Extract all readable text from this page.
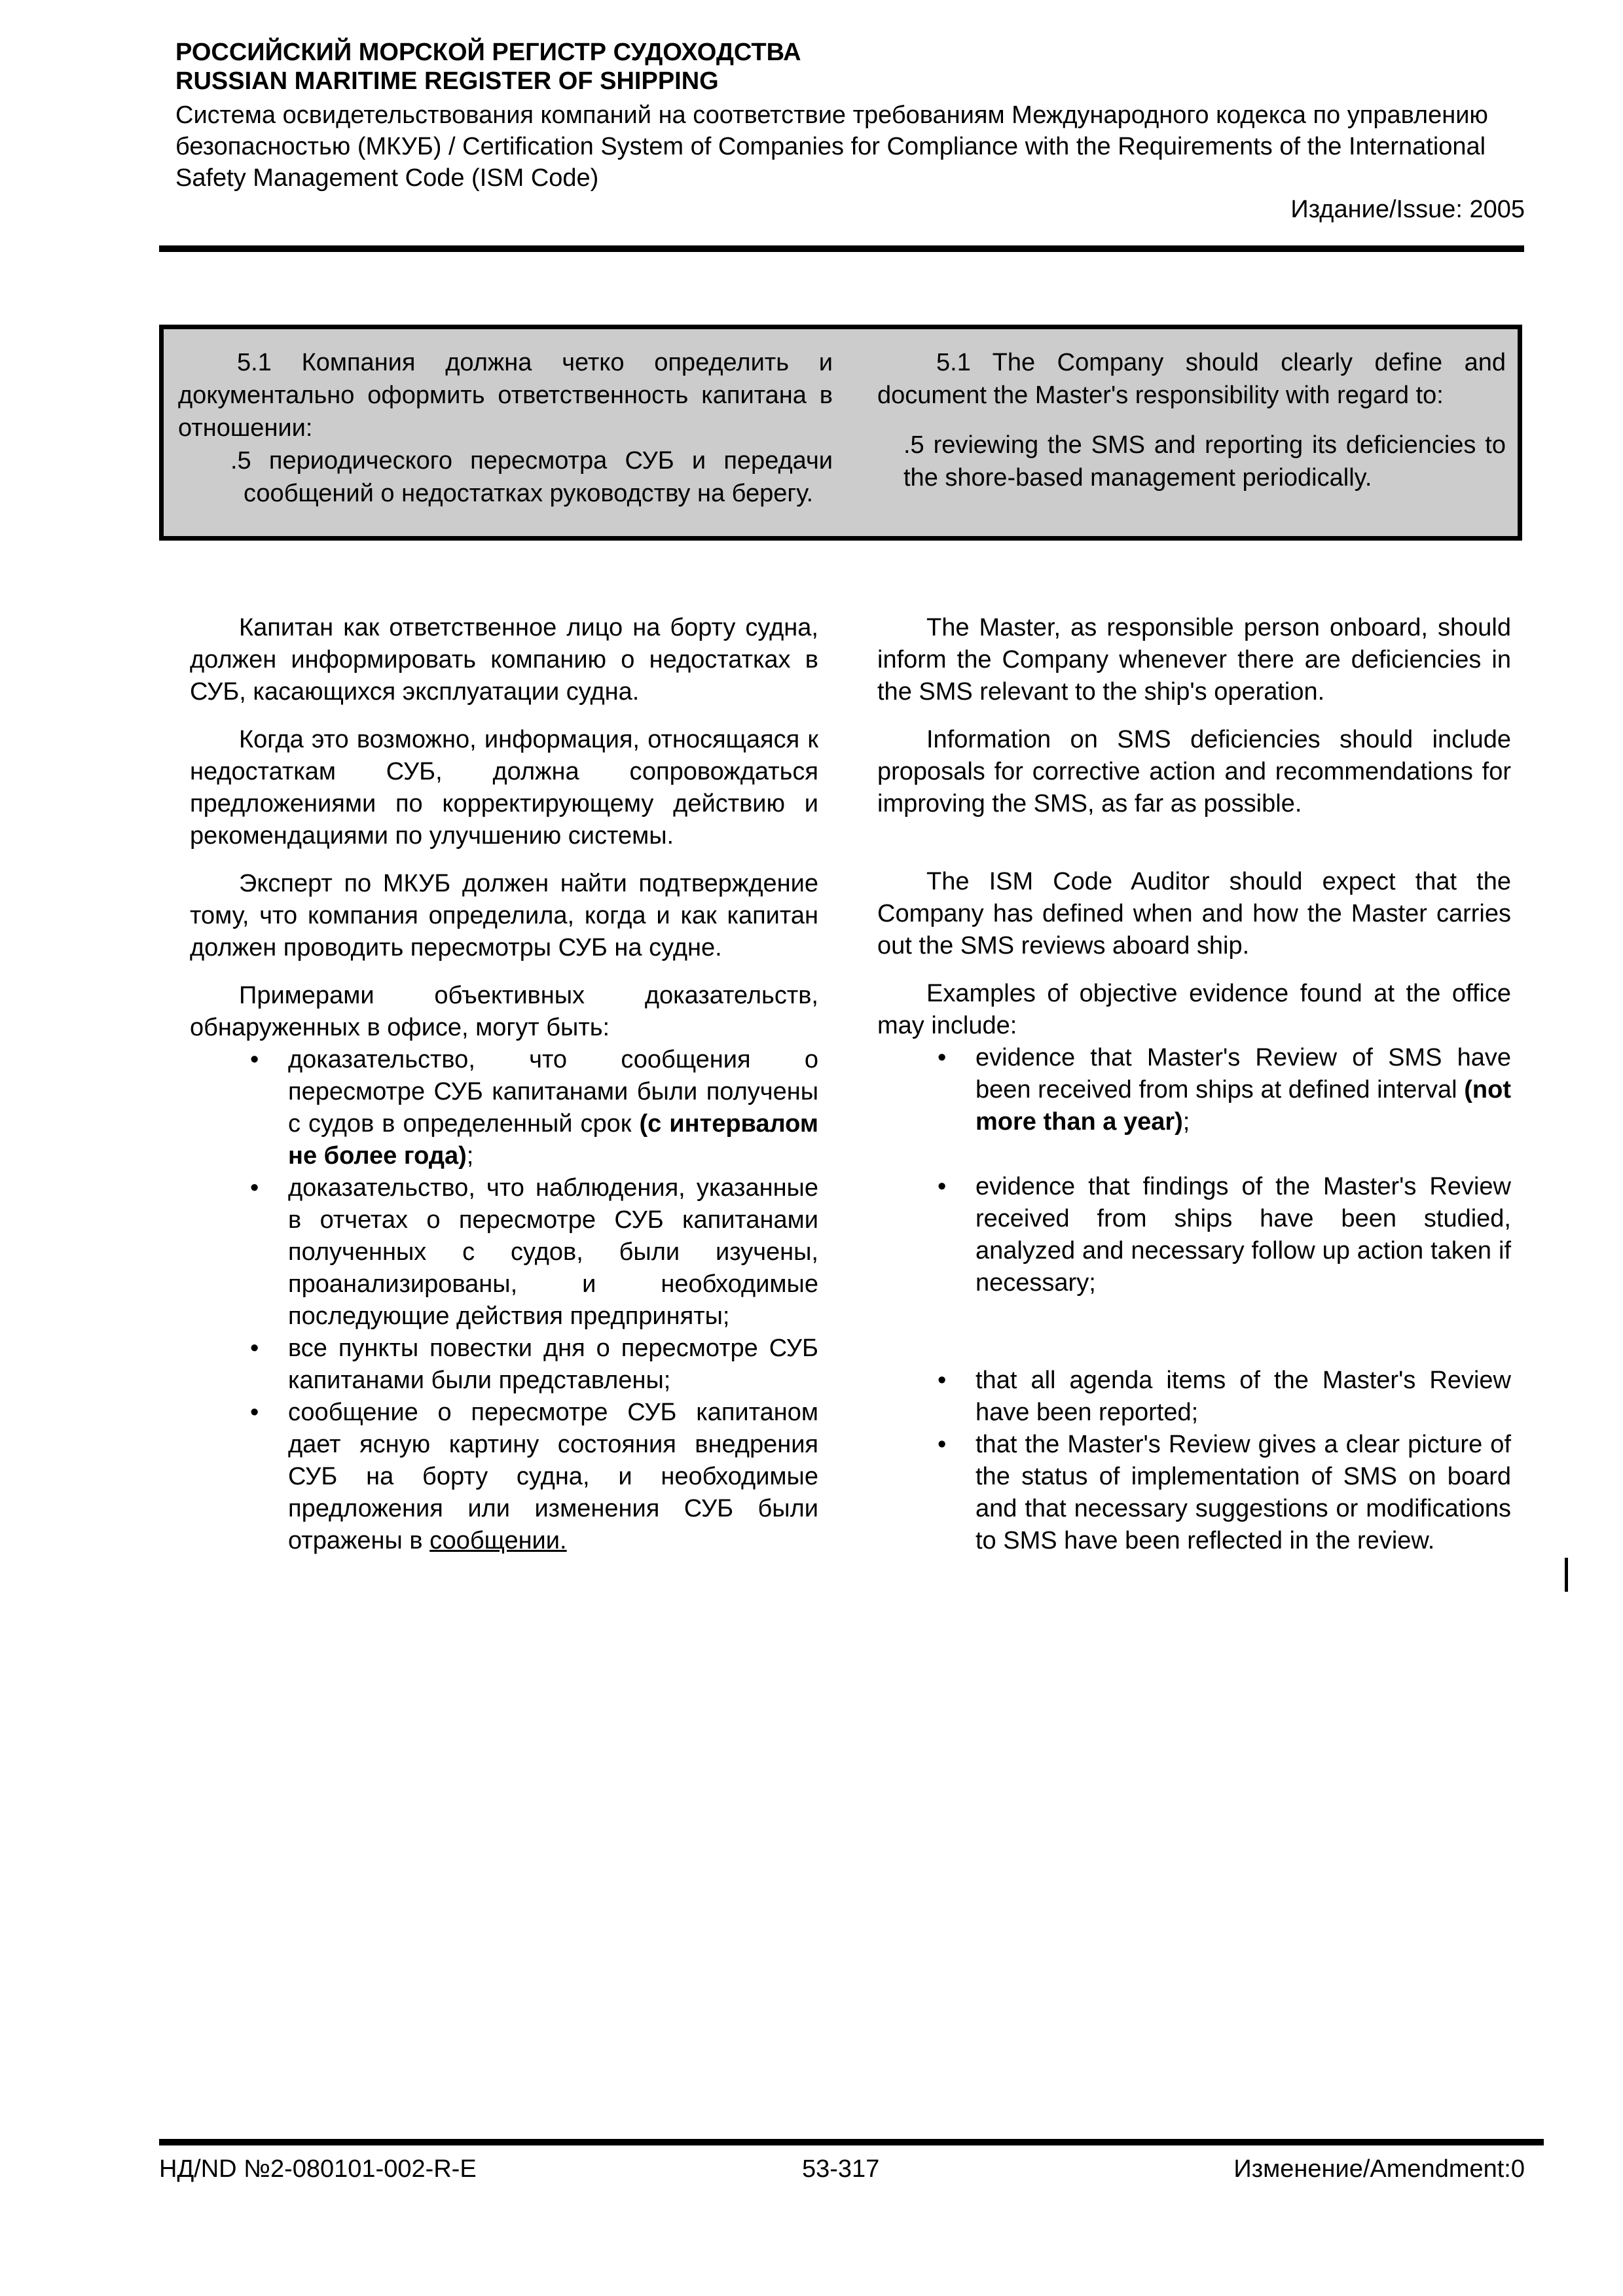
РОССИЙСКИЙ МОРСКОЙ РЕГИСТР СУДОХОДСТВА
RUSSIAN MARITIME REGISTER OF SHIPPING
Система освидетельствования компаний на соответствие требованиям Международного кодекса по управлению безопасностью (МКУБ) / Certification System of Companies for Compliance with the Requirements of the International Safety Management Code (ISM Code)
Издание/Issue: 2005
5.1 Компания должна четко определить и документально оформить ответственность капитана в отношении:
.5 периодического пересмотра СУБ и передачи сообщений о недостатках руководству на берегу.
5.1 The Company should clearly define and document the Master's responsibility with regard to:
.5 reviewing the SMS and reporting its deficiencies to the shore-based management periodically.

Капитан как ответственное лицо на борту судна, должен информировать компанию о недостатках в СУБ, касающихся эксплуатации судна.

Когда это возможно, информация, относящаяся к недостаткам СУБ, должна сопровождаться предложениями по корректирующему действию и рекомендациями по улучшению системы.

Эксперт по МКУБ должен найти подтверждение тому, что компания определила, когда и как капитан должен проводить пересмотры СУБ на судне.

Примерами объективных доказательств, обнаруженных в офисе, могут быть:

• доказательство, что сообщения о пересмотре СУБ капитанами были получены с судов в определенный срок (с интервалом не более года);
• доказательство, что наблюдения, указанные в отчетах о пересмотре СУБ капитанами полученных с судов, были изучены, проанализированы, и необходимые последующие действия предприняты;
• все пункты повестки дня о пересмотре СУБ капитанами были представлены;
• сообщение о пересмотре СУБ капитаном дает ясную картину состояния внедрения СУБ на борту судна, и необходимые предложения или изменения СУБ были отражены в сообщении.

The Master, as responsible person onboard, should inform the Company whenever there are deficiencies in the SMS relevant to the ship's operation.

Information on SMS deficiencies should include proposals for corrective action and recommendations for improving the SMS, as far as possible.

The ISM Code Auditor should expect that the Company has defined when and how the Master carries out the SMS reviews aboard ship.

Examples of objective evidence found at the office may include:

• evidence that Master's Review of SMS have been received from ships at defined interval (not more than a year);
• evidence that findings of the Master's Review received from ships have been studied, analyzed and necessary follow up action taken if necessary;
• that all agenda items of the Master's Review have been reported;
• that the Master's Review gives a clear picture of the status of implementation of SMS on board and that necessary suggestions or modifications to SMS have been reflected in the review.
НД/ND №2-080101-002-R-E	53-317	Изменение/Amendment:0
